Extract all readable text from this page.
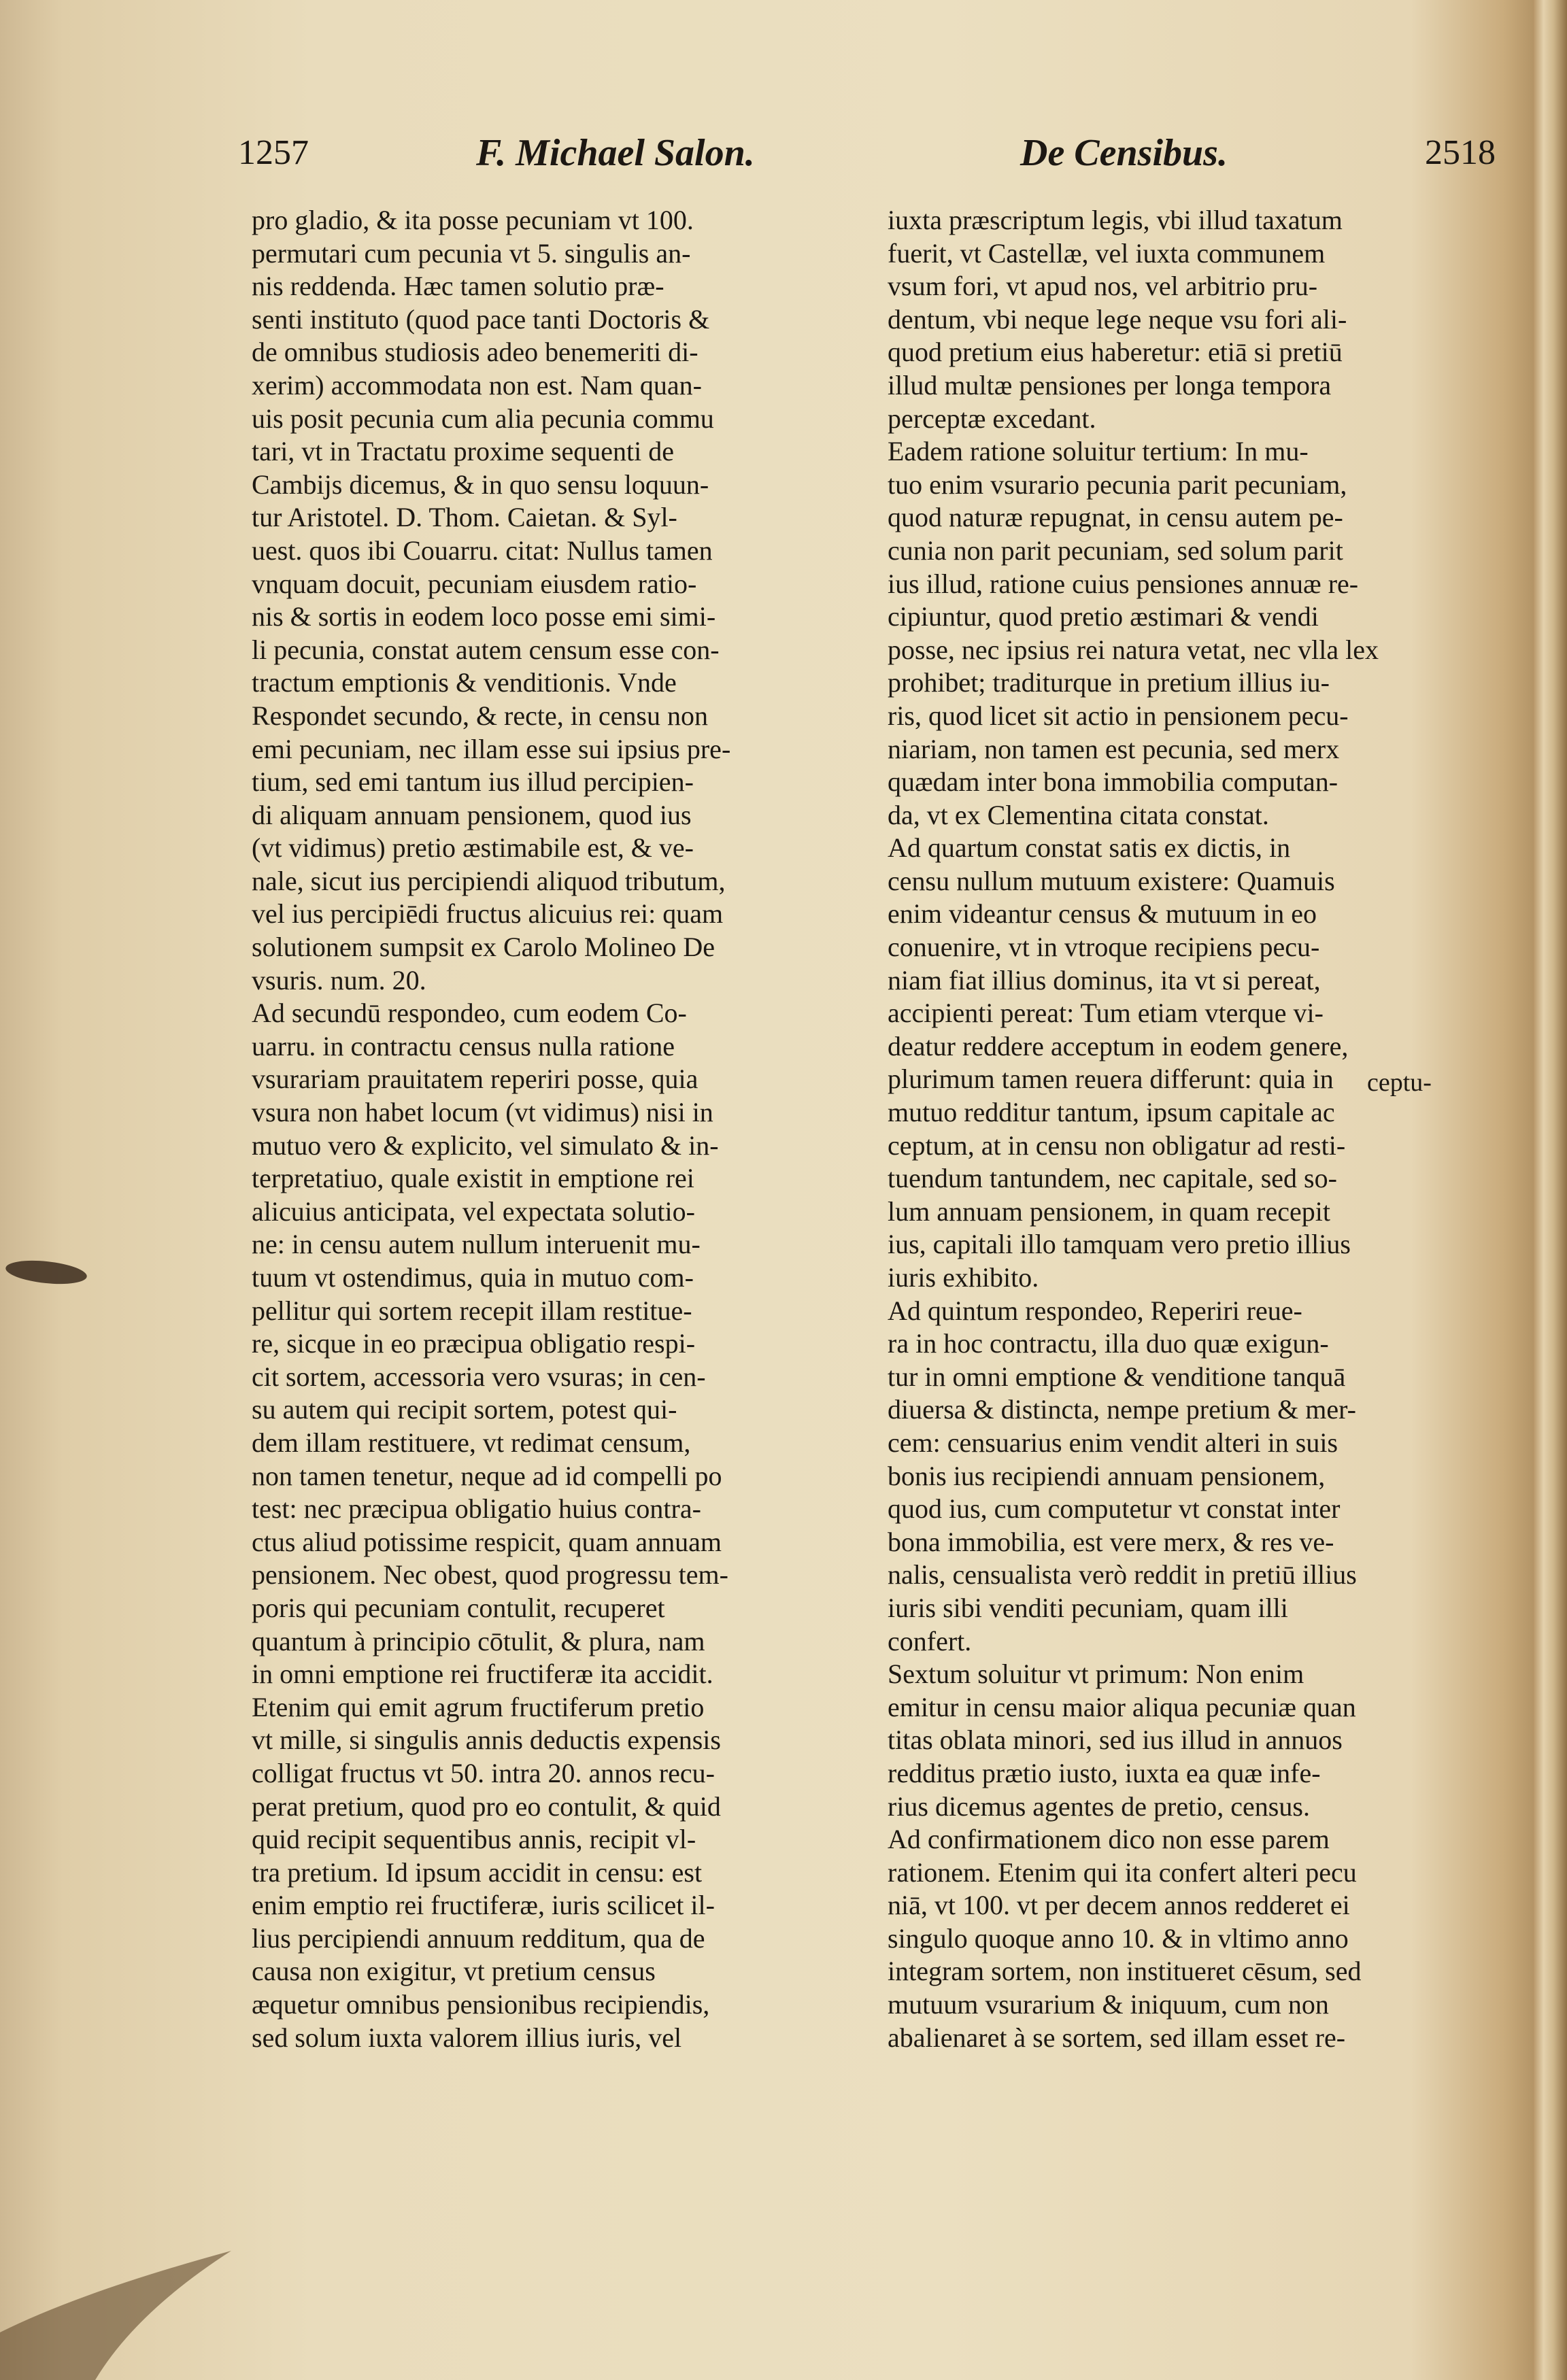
1257	F. Michael Salon.	De Censibus.	2518
pro gladio, & ita posse pecuniam vt 100.
permutari cum pecunia vt 5. singulis an-
nis reddenda. Hæc tamen solutio præ-
senti instituto (quod pace tanti Doctoris &
de omnibus studiosis adeo benemeriti di-
xerim) accommodata non est. Nam quan-
uis posit pecunia cum alia pecunia commu
tari, vt in Tractatu proxime sequenti de
Cambijs dicemus, & in quo sensu loquun-
tur Aristotel. D. Thom. Caietan. & Syl-
uest. quos ibi Couarru. citat: Nullus tamen
vnquam docuit, pecuniam eiusdem ratio-
nis & sortis in eodem loco posse emi simi-
li pecunia, constat autem censum esse con-
tractum emptionis & venditionis. Vnde
Respondet secundo, & recte, in censu non
emi pecuniam, nec illam esse sui ipsius pre-
tium, sed emi tantum ius illud percipien-
di aliquam annuam pensionem, quod ius
(vt vidimus) pretio æstimabile est, & ve-
nale, sicut ius percipiendi aliquod tributum,
vel ius percipiēdi fructus alicuius rei: quam
solutionem sumpsit ex Carolo Molineo De
vsuris. num. 20.
Ad secundū respondeo, cum eodem Co-
uarru. in contractu census nulla ratione
vsurariam prauitatem reperiri posse, quia
vsura non habet locum (vt vidimus) nisi in
mutuo vero & explicito, vel simulato & in-
terpretatiuo, quale existit in emptione rei
alicuius anticipata, vel expectata solutio-
ne: in censu autem nullum interuenit mu-
tuum vt ostendimus, quia in mutuo com-
pellitur qui sortem recepit illam restitue-
re, sicque in eo præcipua obligatio respi-
cit sortem, accessoria vero vsuras; in cen-
su autem qui recipit sortem, potest qui-
dem illam restituere, vt redimat censum,
non tamen tenetur, neque ad id compelli po
test: nec præcipua obligatio huius contra-
ctus aliud potissime respicit, quam annuam
pensionem. Nec obest, quod progressu tem-
poris qui pecuniam contulit, recuperet
quantum à principio cōtulit, & plura, nam
in omni emptione rei fructiferæ ita accidit.
Etenim qui emit agrum fructiferum pretio
vt mille, si singulis annis deductis expensis
colligat fructus vt 50. intra 20. annos recu-
perat pretium, quod pro eo contulit, & quid
quid recipit sequentibus annis, recipit vl-
tra pretium. Id ipsum accidit in censu: est
enim emptio rei fructiferæ, iuris scilicet il-
lius percipiendi annuum redditum, qua de
causa non exigitur, vt pretium census
æquetur omnibus pensionibus recipiendis,
sed solum iuxta valorem illius iuris, vel
iuxta præscriptum legis, vbi illud taxatum
fuerit, vt Castellæ, vel iuxta communem
vsum fori, vt apud nos, vel arbitrio pru-
dentum, vbi neque lege neque vsu fori ali-
quod pretium eius haberetur: etiā si pretiū
illud multæ pensiones per longa tempora
perceptæ excedant.
Eadem ratione soluitur tertium: In mu-
tuo enim vsurario pecunia parit pecuniam,
quod naturæ repugnat, in censu autem pe-
cunia non parit pecuniam, sed solum parit
ius illud, ratione cuius pensiones annuæ re-
cipiuntur, quod pretio æstimari & vendi
posse, nec ipsius rei natura vetat, nec vlla lex
prohibet; traditurque in pretium illius iu-
ris, quod licet sit actio in pensionem pecu-
niariam, non tamen est pecunia, sed merx
quædam inter bona immobilia computan-
da, vt ex Clementina citata constat.
Ad quartum constat satis ex dictis, in
censu nullum mutuum existere: Quamuis
enim videantur census & mutuum in eo
conuenire, vt in vtroque recipiens pecu-
niam fiat illius dominus, ita vt si pereat,
accipienti pereat: Tum etiam vterque vi-
deatur reddere acceptum in eodem genere,
plurimum tamen reuera differunt: quia in
mutuo redditur tantum, ipsum capitale ac
ceptum, at in censu non obligatur ad resti-
tuendum tantundem, nec capitale, sed so-
lum annuam pensionem, in quam recepit
ius, capitali illo tamquam vero pretio illius
iuris exhibito.
Ad quintum respondeo, Reperiri reue-
ra in hoc contractu, illa duo quæ exigun-
tur in omni emptione & venditione tanquā
diuersa & distincta, nempe pretium & mer-
cem: censuarius enim vendit alteri in suis
bonis ius recipiendi annuam pensionem,
quod ius, cum computetur vt constat inter
bona immobilia, est vere merx, & res ve-
nalis, censualista verò reddit in pretiū illius
iuris sibi venditi pecuniam, quam illi
confert.
Sextum soluitur vt primum: Non enim
emitur in censu maior aliqua pecuniæ quan
titas oblata minori, sed ius illud in annuos
redditus prætio iusto, iuxta ea quæ infe-
rius dicemus agentes de pretio, census.
Ad confirmationem dico non esse parem
rationem. Etenim qui ita confert alteri pecu
niā, vt 100. vt per decem annos redderet ei
singulo quoque anno 10. & in vltimo anno
integram sortem, non institueret cēsum, sed
mutuum vsurarium & iniquum, cum non
abalienaret à se sortem, sed illam esset re-
ceptu-
